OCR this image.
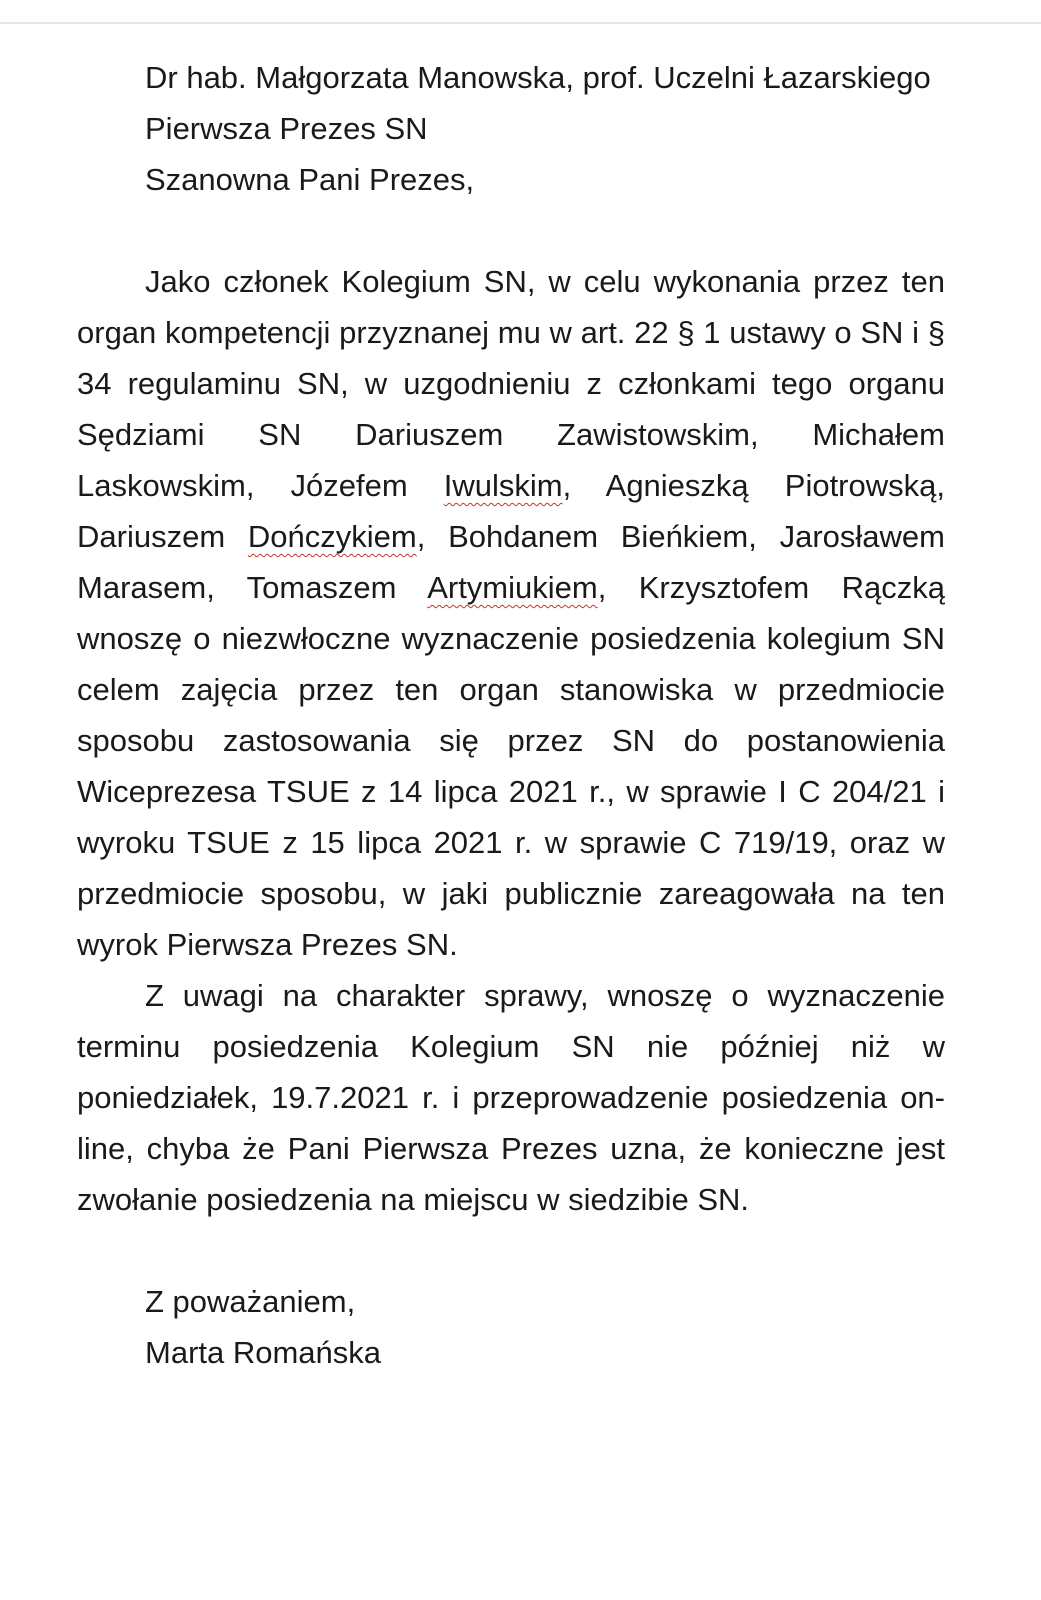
Dr hab. Małgorzata Manowska, prof. Uczelni Łazarskiego

Pierwsza Prezes SN

Szanowna Pani Prezes,

Jako członek Kolegium SN, w celu wykonania przez ten organ kompetencji przyznanej mu w art. 22 § 1 ustawy o SN i § 34 regulaminu SN, w uzgodnieniu z członkami tego organu Sędziami SN Dariuszem Zawistowskim, Michałem Laskowskim, Józefem Iwulskim, Agnieszką Piotrowską, Dariuszem Dończykiem, Bohdanem Bieńkiem, Jarosławem Marasem, Tomaszem Artymiukiem, Krzysztofem Rączką wnoszę o niezwłoczne wyznaczenie posiedzenia kolegium SN celem zajęcia przez ten organ stanowiska w przedmiocie sposobu zastosowania się przez SN do postanowienia Wiceprezesa TSUE z 14 lipca 2021 r., w sprawie I C 204/21 i wyroku TSUE z 15 lipca 2021 r. w sprawie C 719/19, oraz w przedmiocie sposobu, w jaki publicznie zareagowała na ten wyrok Pierwsza Prezes SN.

Z uwagi na charakter sprawy, wnoszę o wyznaczenie terminu posiedzenia Kolegium SN nie później niż w poniedziałek, 19.7.2021 r. i przeprowadzenie posiedzenia on-line, chyba że Pani Pierwsza Prezes uzna, że konieczne jest zwołanie posiedzenia na miejscu w siedzibie SN.

Z poważaniem,

Marta Romańska
